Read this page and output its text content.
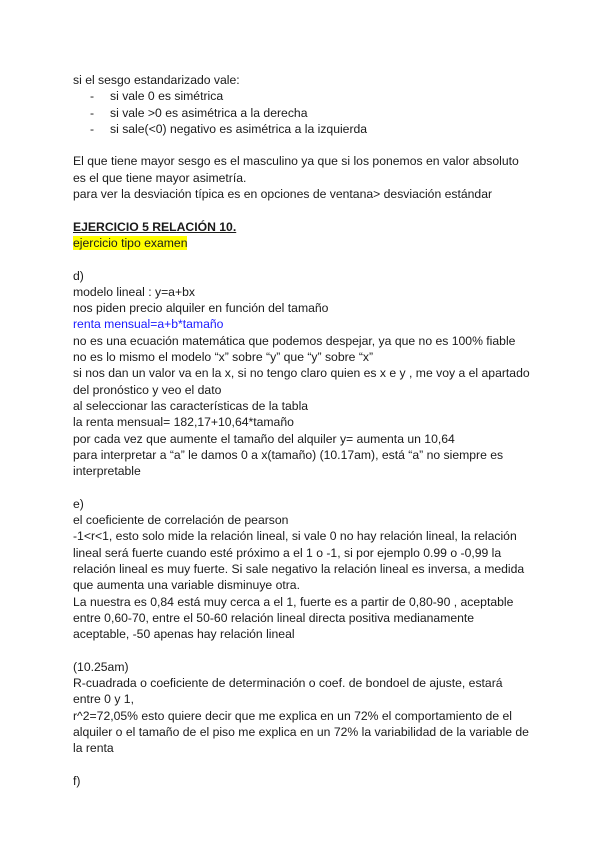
si el sesgo estandarizado vale:
- si vale 0 es simétrica
- si vale >0 es asimétrica a la derecha
- si sale(<0) negativo es asimétrica a la izquierda
El que tiene mayor sesgo es el masculino ya que si los ponemos en valor absoluto
es el que tiene mayor asimetría.
para ver la desviación típica es en opciones de ventana> desviación estándar
EJERCICIO 5 RELACIÓN 10.
ejercicio tipo examen
d)
modelo lineal : y=a+bx
nos piden precio alquiler en función del tamaño
renta mensual=a+b*tamaño
no es una ecuación matemática que podemos despejar, ya que no es 100% fiable
no es lo mismo el modelo “x” sobre “y” que “y” sobre “x”
si nos dan un valor va en la x, si no tengo claro quien es x e y , me voy a el apartado del pronóstico y veo el dato
al seleccionar las características de la tabla
la renta mensual= 182,17+10,64*tamaño
por cada vez que aumente el tamaño del alquiler y= aumenta un 10,64
para interpretar a “a” le damos 0 a x(tamaño) (10.17am), está “a” no siempre es interpretable
e)
el coeficiente de correlación de pearson
-1<r<1, esto solo mide la relación lineal, si vale 0 no hay relación lineal, la relación lineal será fuerte cuando esté próximo a el 1 o -1, si por ejemplo 0.99 o -0,99 la relación lineal es muy fuerte. Si sale negativo la relación lineal es inversa, a medida que aumenta una variable disminuye otra.
La nuestra es 0,84 está muy cerca a el 1, fuerte es a partir de 0,80-90 , aceptable entre 0,60-70, entre el 50-60 relación lineal directa positiva medianamente aceptable, -50 apenas hay relación lineal
(10.25am)
R-cuadrada o coeficiente de determinación o coef. de bondoel de ajuste, estará entre 0 y 1,
r^2=72,05% esto quiere decir que me explica en un 72% el comportamiento de el alquiler o el tamaño de el piso me explica en un 72% la variabilidad de la variable de la renta
f)
